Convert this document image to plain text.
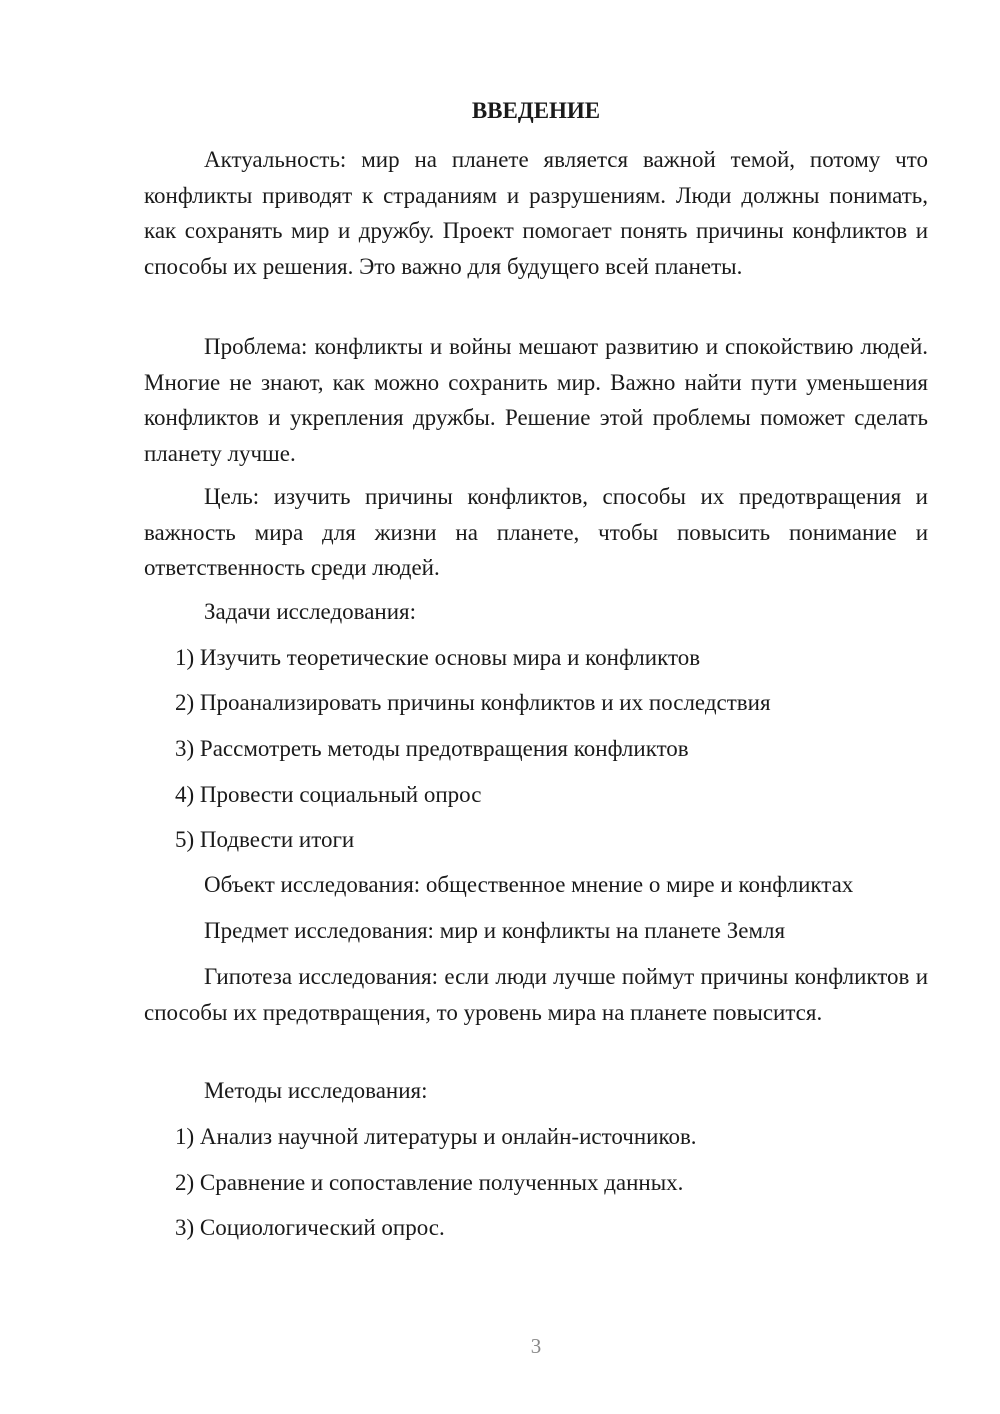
ВВЕДЕНИЕ

Актуальность: мир на планете является важной темой, потому что конфликты приводят к страданиям и разрушениям. Люди должны понимать, как сохранять мир и дружбу. Проект помогает понять причины конфликтов и способы их решения. Это важно для будущего всей планеты.

Проблема: конфликты и войны мешают развитию и спокойствию людей. Многие не знают, как можно сохранить мир. Важно найти пути уменьшения конфликтов и укрепления дружбы. Решение этой проблемы поможет сделать планету лучше.

Цель: изучить причины конфликтов, способы их предотвращения и важность мира для жизни на планете, чтобы повысить понимание и ответственность среди людей.

Задачи исследования:

1) Изучить теоретические основы мира и конфликтов

2) Проанализировать причины конфликтов и их последствия

3) Рассмотреть методы предотвращения конфликтов

4) Провести социальный опрос

5) Подвести итоги

Объект исследования: общественное мнение о мире и конфликтах

Предмет исследования: мир и конфликты на планете Земля

Гипотеза исследования: если люди лучше поймут причины конфликтов и способы их предотвращения, то уровень мира на планете повысится.

Методы исследования:

1) Анализ научной литературы и онлайн-источников.

2) Сравнение и сопоставление полученных данных.

3) Социологический опрос.

3
